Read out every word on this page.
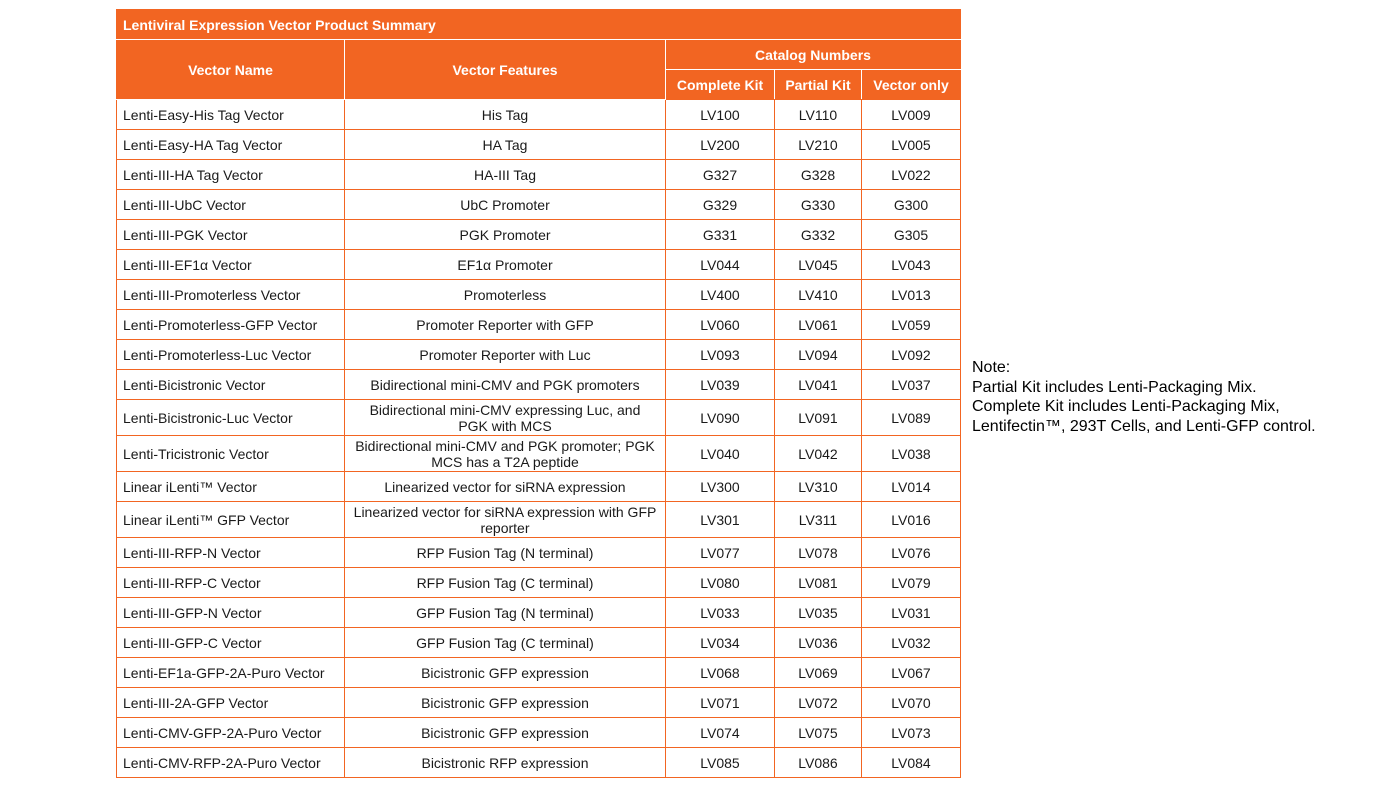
Lentiviral Expression Vector Product Summary				
Vector Name	Vector Features	Catalog Numbers		
		Complete Kit	Partial Kit	Vector only
Lenti-Easy-His Tag Vector	His Tag	LV100	LV110	LV009
Lenti-Easy-HA Tag Vector	HA Tag	LV200	LV210	LV005
Lenti-III-HA Tag Vector	HA-III Tag	G327	G328	LV022
Lenti-III-UbC Vector	UbC Promoter	G329	G330	G300
Lenti-III-PGK Vector	PGK Promoter	G331	G332	G305
Lenti-III-EF1α Vector	EF1α Promoter	LV044	LV045	LV043
Lenti-III-Promoterless Vector	Promoterless	LV400	LV410	LV013
Lenti-Promoterless-GFP Vector	Promoter Reporter with GFP	LV060	LV061	LV059
Lenti-Promoterless-Luc Vector	Promoter Reporter with Luc	LV093	LV094	LV092
Lenti-Bicistronic Vector	Bidirectional mini-CMV and PGK promoters	LV039	LV041	LV037
Lenti-Bicistronic-Luc Vector	Bidirectional mini-CMV expressing Luc, and PGK with MCS	LV090	LV091	LV089
Lenti-Tricistronic Vector	Bidirectional mini-CMV and PGK promoter; PGK MCS has a T2A peptide	LV040	LV042	LV038
Linear iLenti™ Vector	Linearized vector for siRNA expression	LV300	LV310	LV014
Linear iLenti™ GFP Vector	Linearized vector for siRNA expression with GFP reporter	LV301	LV311	LV016
Lenti-III-RFP-N Vector	RFP Fusion Tag (N terminal)	LV077	LV078	LV076
Lenti-III-RFP-C Vector	RFP Fusion Tag (C terminal)	LV080	LV081	LV079
Lenti-III-GFP-N Vector	GFP Fusion Tag (N terminal)	LV033	LV035	LV031
Lenti-III-GFP-C Vector	GFP Fusion Tag (C terminal)	LV034	LV036	LV032
Lenti-EF1a-GFP-2A-Puro Vector	Bicistronic GFP expression	LV068	LV069	LV067
Lenti-III-2A-GFP Vector	Bicistronic GFP expression	LV071	LV072	LV070
Lenti-CMV-GFP-2A-Puro Vector	Bicistronic GFP expression	LV074	LV075	LV073
Lenti-CMV-RFP-2A-Puro Vector	Bicistronic RFP expression	LV085	LV086	LV084
Note:
Partial Kit includes Lenti-Packaging Mix.
Complete Kit includes Lenti-Packaging Mix,
Lentifectin™, 293T Cells, and Lenti-GFP control.
